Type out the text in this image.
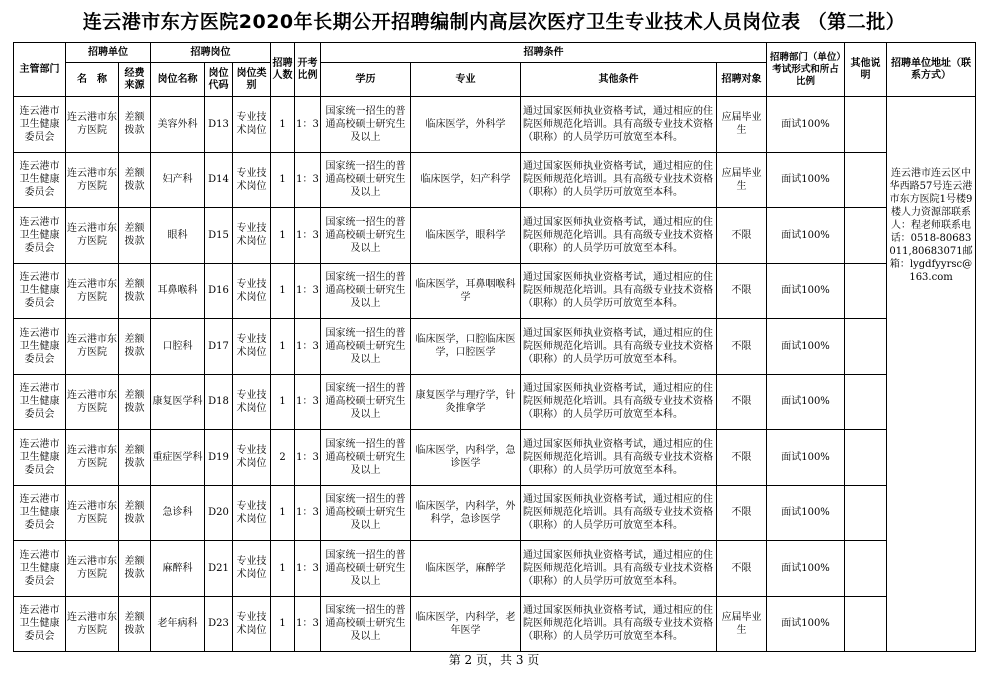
连云港市东方医院2020年长期公开招聘编制内高层次医疗卫生专业技术人员岗位表 （第二批）
主管部门	招聘单位		招聘岗位			招聘人数	开考比例	招聘条件				招聘部门（单位）考试形式和所占比例	其他说明	招聘单位地址（联系方式）
	名　称	经费来源	岗位名称	岗位代码	岗位类别			学历	专业	其他条件	招聘对象			
连云港市卫生健康委员会	连云港市东方医院	差额拨款	美容外科	D13	专业技术岗位	1	1：3	国家统一招生的普通高校硕士研究生及以上	临床医学，外科学	通过国家医师执业资格考试，通过相应的住院医师规范化培训。具有高级专业技术资格（职称）的人员学历可放宽至本科。	应届毕业生	面试100%		连云港市连云区中华西路57号连云港市东方医院1号楼9楼人力资源部联系人：程老师联系电话：0518-80683011,80683071邮箱：lygdfyyrsc@163.com
连云港市卫生健康委员会	连云港市东方医院	差额拨款	妇产科	D14	专业技术岗位	1	1：3	国家统一招生的普通高校硕士研究生及以上	临床医学，妇产科学	通过国家医师执业资格考试，通过相应的住院医师规范化培训。具有高级专业技术资格（职称）的人员学历可放宽至本科。	应届毕业生	面试100%		
连云港市卫生健康委员会	连云港市东方医院	差额拨款	眼科	D15	专业技术岗位	1	1：3	国家统一招生的普通高校硕士研究生及以上	临床医学，眼科学	通过国家医师执业资格考试，通过相应的住院医师规范化培训。具有高级专业技术资格（职称）的人员学历可放宽至本科。	不限	面试100%		
连云港市卫生健康委员会	连云港市东方医院	差额拨款	耳鼻喉科	D16	专业技术岗位	1	1：3	国家统一招生的普通高校硕士研究生及以上	临床医学，耳鼻咽喉科学	通过国家医师执业资格考试，通过相应的住院医师规范化培训。具有高级专业技术资格（职称）的人员学历可放宽至本科。	不限	面试100%		
连云港市卫生健康委员会	连云港市东方医院	差额拨款	口腔科	D17	专业技术岗位	1	1：3	国家统一招生的普通高校硕士研究生及以上	临床医学，口腔临床医学，口腔医学	通过国家医师执业资格考试，通过相应的住院医师规范化培训。具有高级专业技术资格（职称）的人员学历可放宽至本科。	不限	面试100%		
连云港市卫生健康委员会	连云港市东方医院	差额拨款	康复医学科	D18	专业技术岗位	1	1：3	国家统一招生的普通高校硕士研究生及以上	康复医学与理疗学，针灸推拿学	通过国家医师执业资格考试，通过相应的住院医师规范化培训。具有高级专业技术资格（职称）的人员学历可放宽至本科。	不限	面试100%		
连云港市卫生健康委员会	连云港市东方医院	差额拨款	重症医学科	D19	专业技术岗位	2	1：3	国家统一招生的普通高校硕士研究生及以上	临床医学，内科学，急诊医学	通过国家医师执业资格考试，通过相应的住院医师规范化培训。具有高级专业技术资格（职称）的人员学历可放宽至本科。	不限	面试100%		
连云港市卫生健康委员会	连云港市东方医院	差额拨款	急诊科	D20	专业技术岗位	1	1：3	国家统一招生的普通高校硕士研究生及以上	临床医学，内科学，外科学，急诊医学	通过国家医师执业资格考试，通过相应的住院医师规范化培训。具有高级专业技术资格（职称）的人员学历可放宽至本科。	不限	面试100%		
连云港市卫生健康委员会	连云港市东方医院	差额拨款	麻醉科	D21	专业技术岗位	1	1：3	国家统一招生的普通高校硕士研究生及以上	临床医学，麻醉学	通过国家医师执业资格考试，通过相应的住院医师规范化培训。具有高级专业技术资格（职称）的人员学历可放宽至本科。	不限	面试100%		
连云港市卫生健康委员会	连云港市东方医院	差额拨款	老年病科	D23	专业技术岗位	1	1：3	国家统一招生的普通高校硕士研究生及以上	临床医学，内科学，老年医学	通过国家医师执业资格考试，通过相应的住院医师规范化培训。具有高级专业技术资格（职称）的人员学历可放宽至本科。	应届毕业生	面试100%		
第 2 页，共 3 页
